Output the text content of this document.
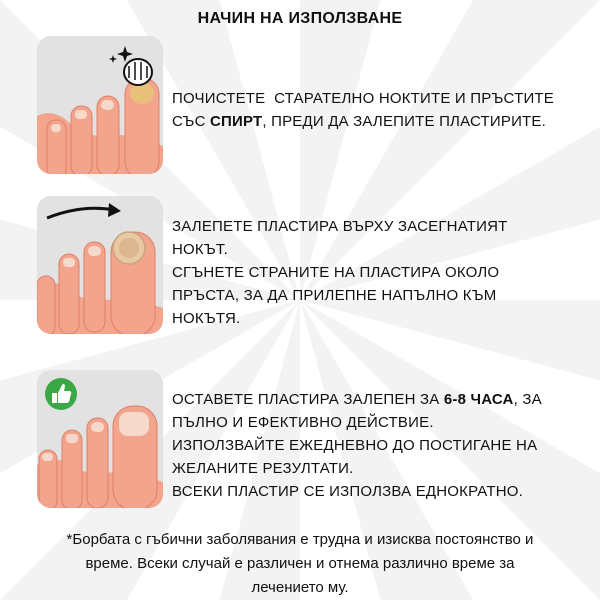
НАЧИН НА ИЗПОЛЗВАНЕ
ПОЧИСТЕТЕ  СТАРАТЕЛНО НОКТИТЕ И ПРЪСТИТЕ
СЪС СПИРТ, ПРЕДИ ДА ЗАЛЕПИТЕ ПЛАСТИРИТЕ.
ЗАЛЕПЕТЕ ПЛАСТИРА ВЪРХУ ЗАСЕГНАТИЯТ
НОКЪТ.
СГЪНЕТЕ СТРАНИТЕ НА ПЛАСТИРА ОКОЛО
ПРЪСТА, ЗА ДА ПРИЛЕПНЕ НАПЪЛНО КЪМ
НОКЪТЯ.
ОСТАВЕТЕ ПЛАСТИРА ЗАЛЕПЕН ЗА 6-8 ЧАСА, ЗА
ПЪЛНО И ЕФЕКТИВНО ДЕЙСТВИЕ.
ИЗПОЛЗВАЙТЕ ЕЖЕДНЕВНО ДО ПОСТИГАНЕ НА
ЖЕЛАНИТЕ РЕЗУЛТАТИ.
ВСЕКИ ПЛАСТИР СЕ ИЗПОЛЗВА ЕДНОКРАТНО.
*Борбата с гъбични заболявания е трудна и изисква постоянство и
време. Всеки случай е различен и отнема различно време за
лечението му.
